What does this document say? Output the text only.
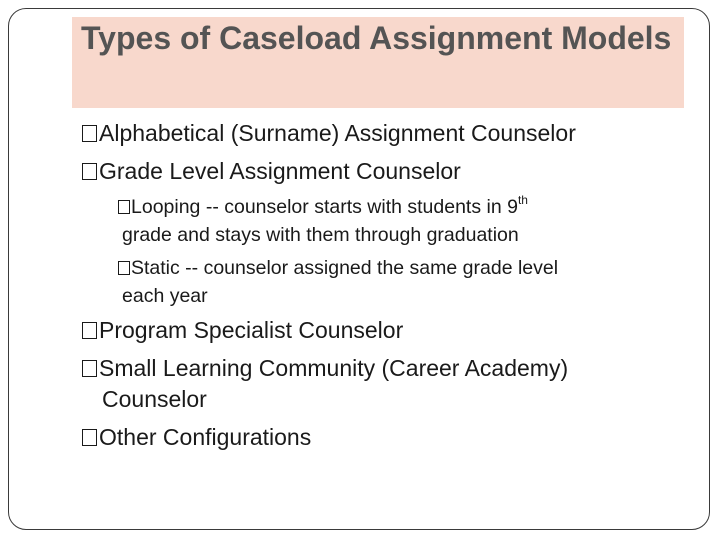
Types of Caseload Assignment Models
Alphabetical (Surname) Assignment Counselor
Grade Level Assignment Counselor
Looping -- counselor starts with students in 9th
grade and stays with them through graduation
Static -- counselor assigned the same grade level
each year
Program Specialist Counselor
Small Learning Community (Career Academy)
Counselor
Other Configurations
